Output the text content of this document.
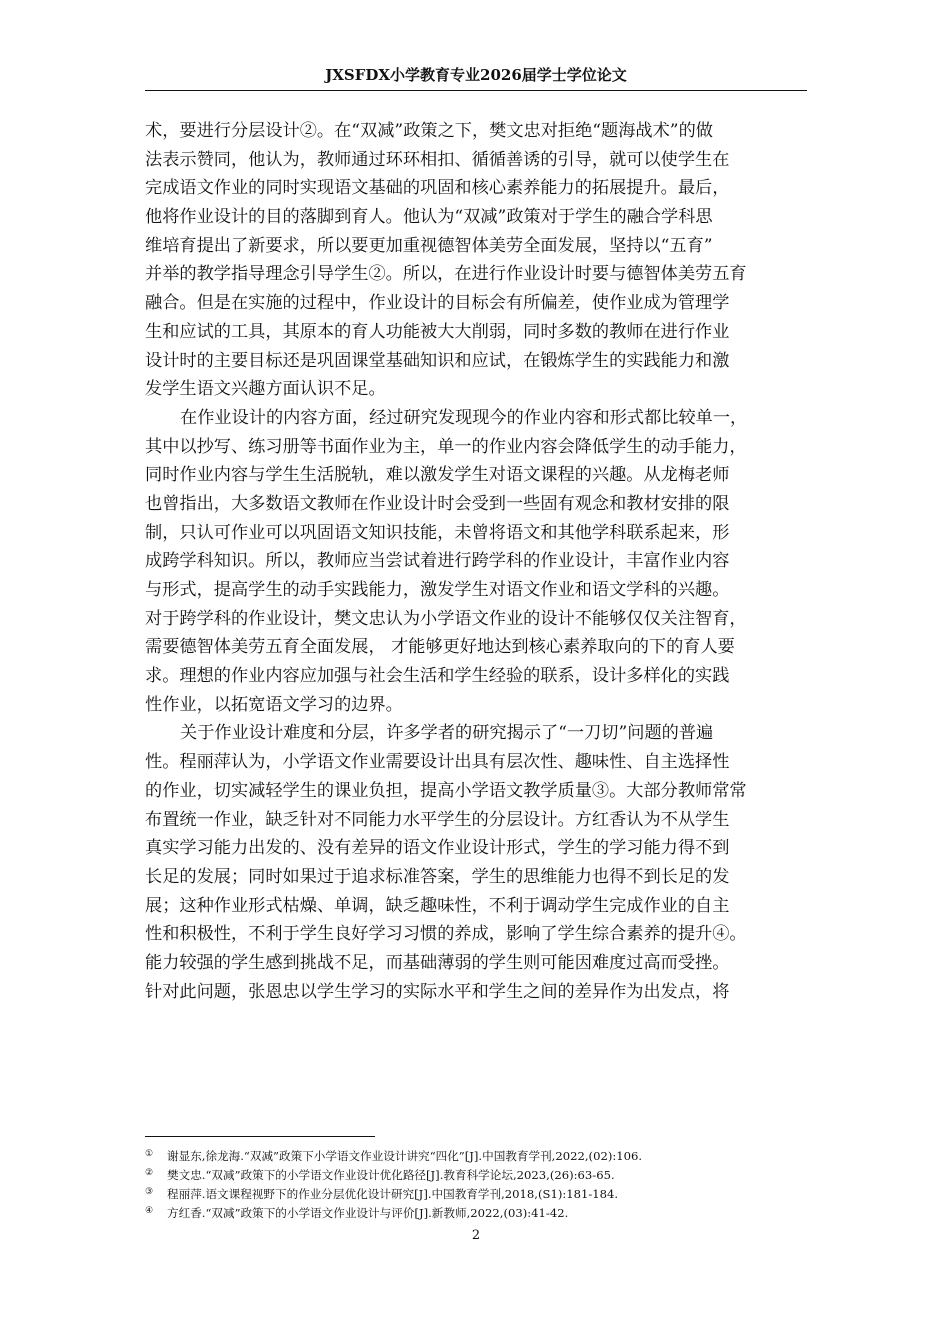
JXSFDX小学教育专业2026届学士学位论文
术，要进行分层设计②。在“双减”政策之下，樊文忠对拒绝“题海战术”的做
法表示赞同，他认为，教师通过环环相扣、循循善诱的引导，就可以使学生在
完成语文作业的同时实现语文基础的巩固和核心素养能力的拓展提升。最后，
他将作业设计的目的落脚到育人。他认为“双减”政策对于学生的融合学科思
维培育提出了新要求，所以要更加重视德智体美劳全面发展，坚持以“五育”
并举的教学指导理念引导学生②。所以，在进行作业设计时要与德智体美劳五育
融合。但是在实施的过程中，作业设计的目标会有所偏差，使作业成为管理学
生和应试的工具，其原本的育人功能被大大削弱，同时多数的教师在进行作业
设计时的主要目标还是巩固课堂基础知识和应试，在锻炼学生的实践能力和激
发学生语文兴趣方面认识不足。
在作业设计的内容方面，经过研究发现现今的作业内容和形式都比较单一，
其中以抄写、练习册等书面作业为主，单一的作业内容会降低学生的动手能力，
同时作业内容与学生生活脱轨，难以激发学生对语文课程的兴趣。从龙梅老师
也曾指出，大多数语文教师在作业设计时会受到一些固有观念和教材安排的限
制，只认可作业可以巩固语文知识技能，未曾将语文和其他学科联系起来，形
成跨学科知识。所以，教师应当尝试着进行跨学科的作业设计，丰富作业内容
与形式，提高学生的动手实践能力，激发学生对语文作业和语文学科的兴趣。
对于跨学科的作业设计，樊文忠认为小学语文作业的设计不能够仅仅关注智育，
需要德智体美劳五育全面发展， 才能够更好地达到核心素养取向的下的育人要
求。理想的作业内容应加强与社会生活和学生经验的联系，设计多样化的实践
性作业，以拓宽语文学习的边界。
关于作业设计难度和分层，许多学者的研究揭示了“一刀切”问题的普遍
性。程丽萍认为，小学语文作业需要设计出具有层次性、趣味性、自主选择性
的作业，切实减轻学生的课业负担，提高小学语文教学质量③。大部分教师常常
布置统一作业，缺乏针对不同能力水平学生的分层设计。方红香认为不从学生
真实学习能力出发的、没有差异的语文作业设计形式，学生的学习能力得不到
长足的发展；同时如果过于追求标准答案，学生的思维能力也得不到长足的发
展；这种作业形式枯燥、单调，缺乏趣味性，不利于调动学生完成作业的自主
性和积极性，不利于学生良好学习习惯的养成，影响了学生综合素养的提升④。
能力较强的学生感到挑战不足，而基础薄弱的学生则可能因难度过高而受挫。
针对此问题，张恩忠以学生学习的实际水平和学生之间的差异作为出发点，将
① 谢显东,徐龙海.“双减”政策下小学语文作业设计讲究“四化”[J].中国教育学刊,2022,(02):106.
② 樊文忠.“双减”政策下的小学语文作业设计优化路径[J].教育科学论坛,2023,(26):63-65.
③ 程丽萍.语文课程视野下的作业分层优化设计研究[J].中国教育学刊,2018,(S1):181-184.
④ 方红香.“双减”政策下的小学语文作业设计与评价[J].新教师,2022,(03):41-42.
2
